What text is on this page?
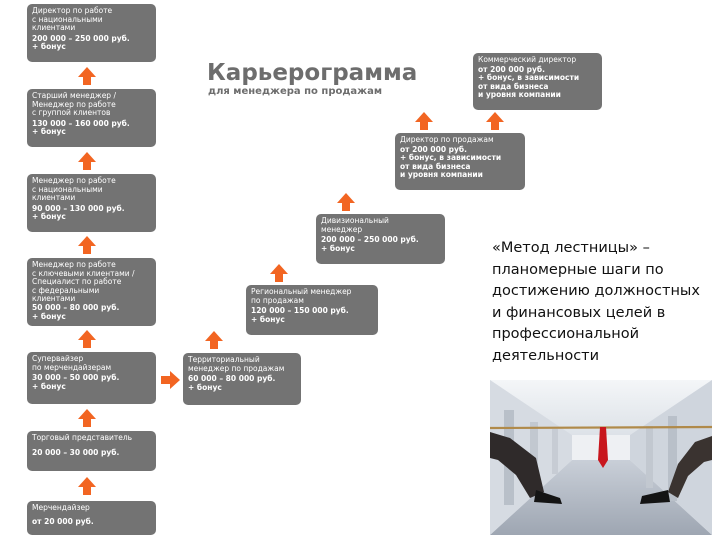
Карьерограмма
для менеджера по продажам
Директор по работе
с национальными
клиентами
200 000 – 250 000 руб.
+ бонус
Старший менеджер /
Менеджер по работе
с группой клиентов
130 000 – 160 000 руб.
+ бонус
Менеджер по работе
с национальными
клиентами
90 000 – 130 000 руб.
+ бонус
Менеджер по работе
с ключевыми клиентами /
Специалист по работе
с федеральными
клиентами
50 000 – 80 000 руб.
+ бонус
Супервайзер
по мерчендайзерам
30 000 – 50 000 руб.
+ бонус
Торговый представитель
20 000 – 30 000 руб.
Мерчендайзер
от 20 000 руб.
Территориальный
менеджер по продажам
60 000 – 80 000 руб.
+ бонус
Региональный менеджер
по продажам
120 000 – 150 000 руб.
+ бонус
Дивизиональный
менеджер
200 000 – 250 000 руб.
+ бонус
Директор по продажам
от 200 000 руб.
+ бонус, в зависимости
от вида бизнеса
и уровня компании
Коммерческий директор
от 200 000 руб.
+ бонус, в зависимости
от вида бизнеса
и уровня компании
«Метод лестницы» – планомерные шаги по достижению должностных и финансовых целей в профессиональной деятельности
